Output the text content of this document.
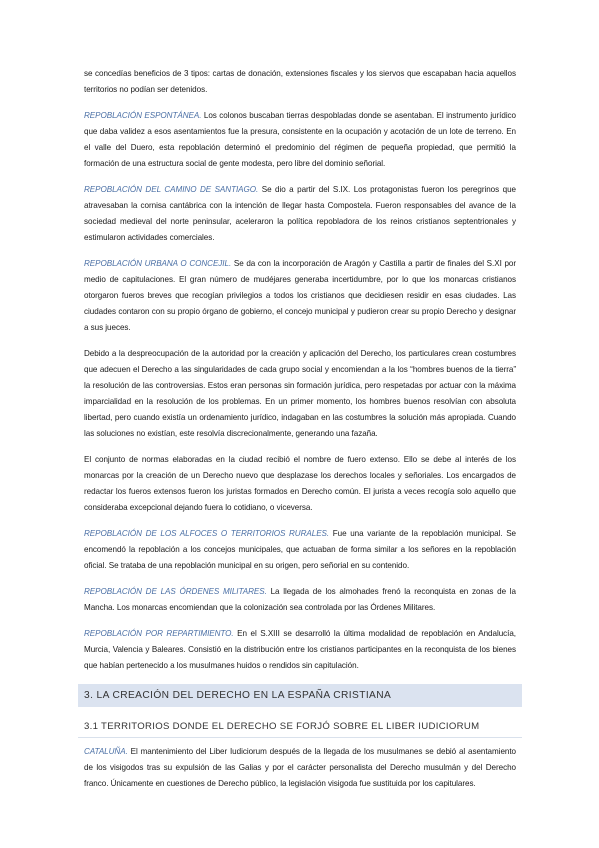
se concedías beneficios de 3 tipos: cartas de donación, extensiones fiscales y los siervos que escapaban hacia aquellos territorios no podían ser detenidos.

REPOBLACIÓN ESPONTÁNEA. Los colonos buscaban tierras despobladas donde se asentaban. El instrumento jurídico que daba validez a esos asentamientos fue la presura, consistente en la ocupación y acotación de un lote de terreno. En el valle del Duero, esta repoblación determinó el predominio del régimen de pequeña propiedad, que permitió la formación de una estructura social de gente modesta, pero libre del dominio señorial.

REPOBLACIÓN DEL CAMINO DE SANTIAGO. Se dio a partir del S.IX. Los protagonistas fueron los peregrinos que atravesaban la cornisa cantábrica con la intención de llegar hasta Compostela. Fueron responsables del avance de la sociedad medieval del norte peninsular, aceleraron la política repobladora de los reinos cristianos septentrionales y estimularon actividades comerciales.

REPOBLACIÓN URBANA O CONCEJIL. Se da con la incorporación de Aragón y Castilla a partir de finales del S.XI por medio de capitulaciones. El gran número de mudéjares generaba incertidumbre, por lo que los monarcas cristianos otorgaron fueros breves que recogían privilegios a todos los cristianos que decidiesen residir en esas ciudades. Las ciudades contaron con su propio órgano de gobierno, el concejo municipal y pudieron crear su propio Derecho y designar a sus jueces.

Debido a la despreocupación de la autoridad por la creación y aplicación del Derecho, los particulares crean costumbres que adecuen el Derecho a las singularidades de cada grupo social y encomiendan a la los “hombres buenos de la tierra” la resolución de las controversias. Estos eran personas sin formación jurídica, pero respetadas por actuar con la máxima imparcialidad en la resolución de los problemas. En un primer momento, los hombres buenos resolvían con absoluta libertad, pero cuando existía un ordenamiento jurídico, indagaban en las costumbres la solución más apropiada. Cuando las soluciones no existían, este resolvía discrecionalmente, generando una fazaña.

El conjunto de normas elaboradas en la ciudad recibió el nombre de fuero extenso. Ello se debe al interés de los monarcas por la creación de un Derecho nuevo que desplazase los derechos locales y señoriales. Los encargados de redactar los fueros extensos fueron los juristas formados en Derecho común. El jurista a veces recogía solo aquello que consideraba excepcional dejando fuera lo cotidiano, o viceversa.

REPOBLACIÓN DE LOS ALFOCES O TERRITORIOS RURALES. Fue una variante de la repoblación municipal. Se encomendó la repoblación a los concejos municipales, que actuaban de forma similar a los señores en la repoblación oficial. Se trataba de una repoblación municipal en su origen, pero señorial en su contenido.

REPOBLACIÓN DE LAS ÓRDENES MILITARES. La llegada de los almohades frenó la reconquista en zonas de la Mancha. Los monarcas encomiendan que la colonización sea controlada por las Órdenes Militares.

REPOBLACIÓN POR REPARTIMIENTO. En el S.XIII se desarrolló la última modalidad de repoblación en Andalucía, Murcia, Valencia y Baleares. Consistió en la distribución entre los cristianos participantes en la reconquista de los bienes que habían pertenecido a los musulmanes huidos o rendidos sin capitulación.

3. LA CREACIÓN DEL DERECHO EN LA ESPAÑA CRISTIANA
3.1 TERRITORIOS DONDE EL DERECHO SE FORJÓ SOBRE EL LIBER IUDICIORUM

CATALUÑA. El mantenimiento del Liber Iudiciorum después de la llegada de los musulmanes se debió al asentamiento de los visigodos tras su expulsión de las Galias y por el carácter personalista del Derecho musulmán y del Derecho franco. Únicamente en cuestiones de Derecho público, la legislación visigoda fue sustituida por los capitulares.
